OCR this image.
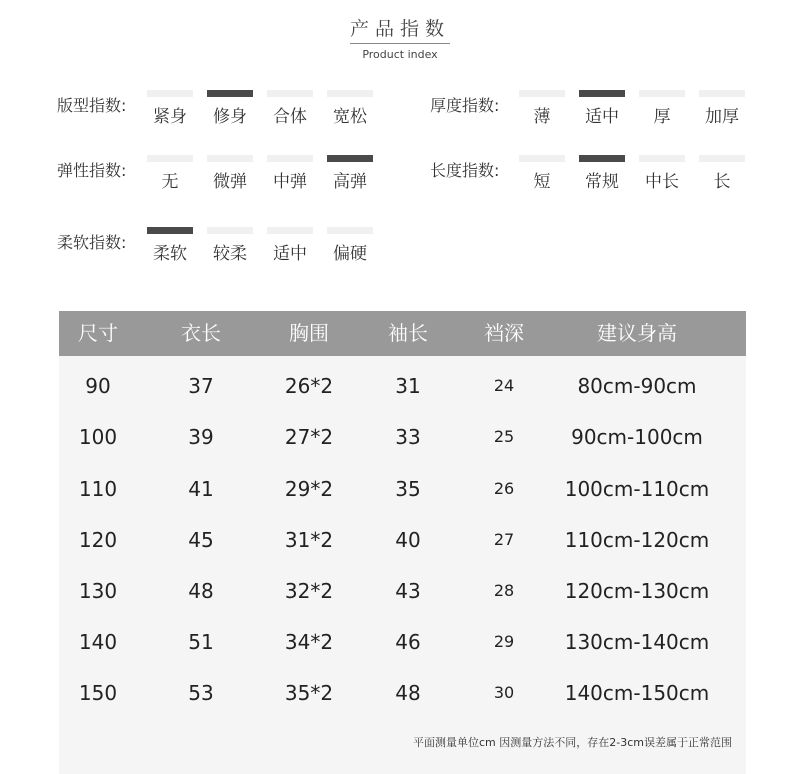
产品指数
Product index
版型指数:
紧身	修身	合体	宽松
厚度指数:
薄	适中	厚	加厚
弹性指数:
无	微弹	中弹	高弹
长度指数:
短	常规	中长	长
柔软指数:
柔软	较柔	适中	偏硬
尺寸	衣长	胸围	袖长	裆深	建议身高
90	37	26*2	31	24	80cm-90cm
100	39	27*2	33	25	90cm-100cm
110	41	29*2	35	26	100cm-110cm
120	45	31*2	40	27	110cm-120cm
130	48	32*2	43	28	120cm-130cm
140	51	34*2	46	29	130cm-140cm
150	53	35*2	48	30	140cm-150cm
平面测量单位cm 因测量方法不同，存在2-3cm误差属于正常范围
